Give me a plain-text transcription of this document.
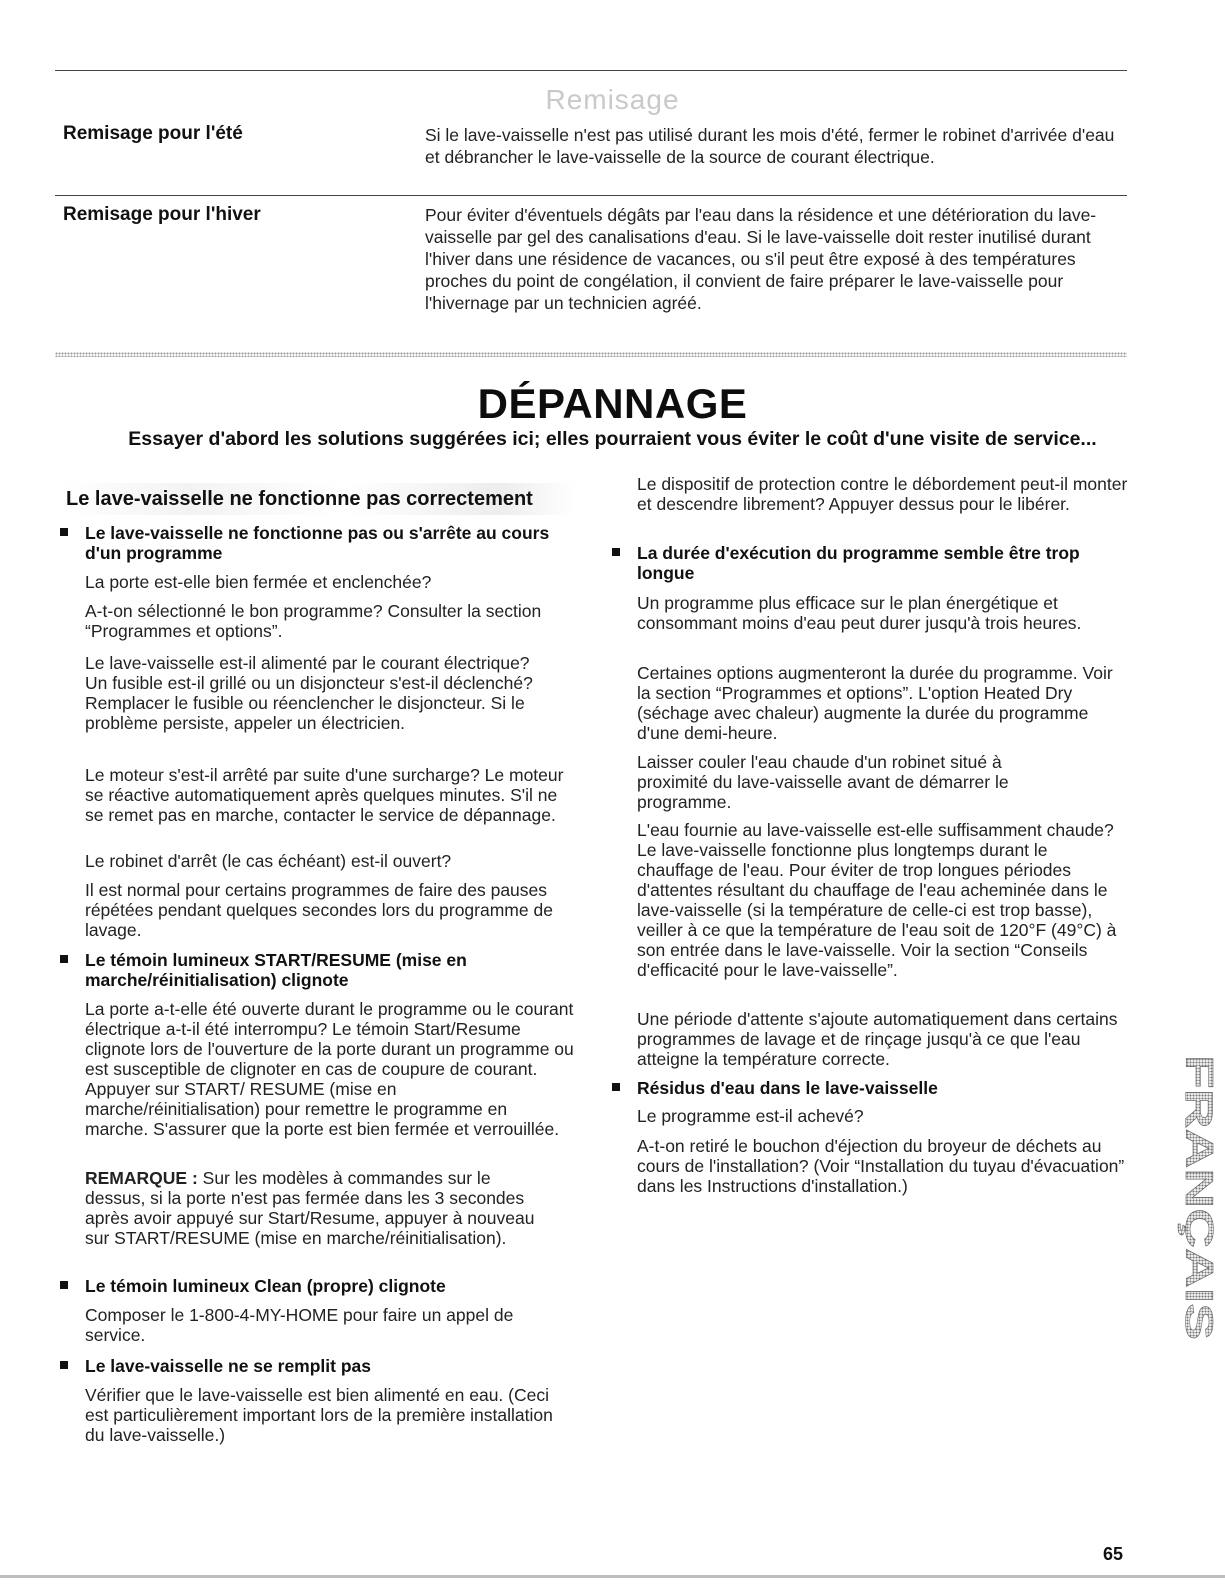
Remisage
Remisage pour l'été	Si le lave-vaisselle n'est pas utilisé durant les mois d'été, fermer le robinet d'arrivée d'eau et débrancher le lave-vaisselle de la source de courant électrique.
Remisage pour l'hiver	Pour éviter d'éventuels dégâts par l'eau dans la résidence et une détérioration du lave-vaisselle par gel des canalisations d'eau. Si le lave-vaisselle doit rester inutilisé durant l'hiver dans une résidence de vacances, ou s'il peut être exposé à des températures proches du point de congélation, il convient de faire préparer le lave-vaisselle pour l'hivernage par un technicien agréé.
DÉPANNAGE
Essayer d'abord les solutions suggérées ici; elles pourraient vous éviter le coût d'une visite de service...
Le lave-vaisselle ne fonctionne pas correctement
Le lave-vaisselle ne fonctionne pas ou s'arrête au cours d'un programme
La porte est-elle bien fermée et enclenchée?
A-t-on sélectionné le bon programme? Consulter la section “Programmes et options”.
Le lave-vaisselle est-il alimenté par le courant électrique? Un fusible est-il grillé ou un disjoncteur s'est-il déclenché? Remplacer le fusible ou réenclencher le disjoncteur. Si le problème persiste, appeler un électricien.
Le moteur s'est-il arrêté par suite d'une surcharge? Le moteur se réactive automatiquement après quelques minutes. S'il ne se remet pas en marche, contacter le service de dépannage.
Le robinet d'arrêt (le cas échéant) est-il ouvert?
Il est normal pour certains programmes de faire des pauses répétées pendant quelques secondes lors du programme de lavage.
Le témoin lumineux START/RESUME (mise en marche/réinitialisation) clignote
La porte a-t-elle été ouverte durant le programme ou le courant électrique a-t-il été interrompu? Le témoin Start/Resume clignote lors de l'ouverture de la porte durant un programme ou est susceptible de clignoter en cas de coupure de courant. Appuyer sur START/ RESUME (mise en marche/réinitialisation) pour remettre le programme en marche. S'assurer que la porte est bien fermée et verrouillée.
REMARQUE : Sur les modèles à commandes sur le dessus, si la porte n'est pas fermée dans les 3 secondes après avoir appuyé sur Start/Resume, appuyer à nouveau sur START/RESUME (mise en marche/réinitialisation).
Le témoin lumineux Clean (propre) clignote
Composer le 1-800-4-MY-HOME pour faire un appel de service.
Le lave-vaisselle ne se remplit pas
Vérifier que le lave-vaisselle est bien alimenté en eau. (Ceci est particulièrement important lors de la première installation du lave-vaisselle.)
Le dispositif de protection contre le débordement peut-il monter et descendre librement? Appuyer dessus pour le libérer.
La durée d'exécution du programme semble être trop longue
Un programme plus efficace sur le plan énergétique et consommant moins d'eau peut durer jusqu'à trois heures.
Certaines options augmenteront la durée du programme. Voir la section “Programmes et options”. L'option Heated Dry (séchage avec chaleur) augmente la durée du programme d'une demi-heure.
Laisser couler l'eau chaude d'un robinet situé à proximité du lave-vaisselle avant de démarrer le programme.
L'eau fournie au lave-vaisselle est-elle suffisamment chaude? Le lave-vaisselle fonctionne plus longtemps durant le chauffage de l'eau. Pour éviter de trop longues périodes d'attentes résultant du chauffage de l'eau acheminée dans le lave-vaisselle (si la température de celle-ci est trop basse), veiller à ce que la température de l'eau soit de 120°F (49°C) à son entrée dans le lave-vaisselle. Voir la section “Conseils d'efficacité pour le lave-vaisselle”.
Une période d'attente s'ajoute automatiquement dans certains programmes de lavage et de rinçage jusqu'à ce que l'eau atteigne la température correcte.
Résidus d'eau dans le lave-vaisselle
Le programme est-il achevé?
A-t-on retiré le bouchon d'éjection du broyeur de déchets au cours de l'installation? (Voir “Installation du tuyau d'évacuation” dans les Instructions d'installation.)	FRANÇAIS
65
